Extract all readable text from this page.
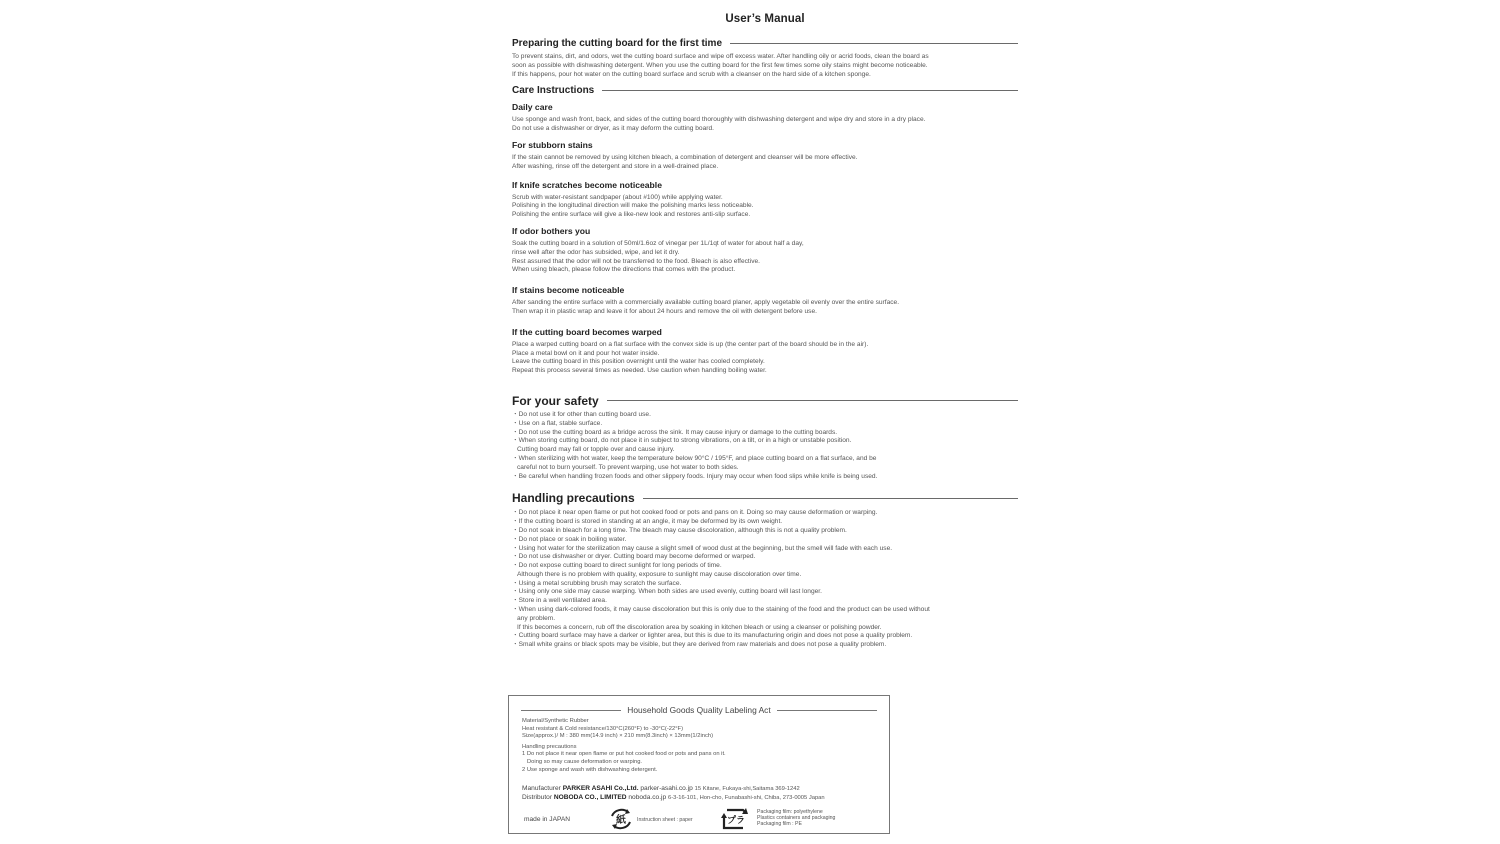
User’s Manual
Preparing the cutting board for the first time
To prevent stains, dirt, and odors, wet the cutting board surface and wipe off excess water. After handling oily or acrid foods, clean the board as
soon as possible with dishwashing detergent. When you use the cutting board for the first few times some oily stains might become noticeable.
If this happens, pour hot water on the cutting board surface and scrub with a cleanser on the hard side of a kitchen sponge.
Care Instructions
Daily care
Use sponge and wash front, back, and sides of the cutting board thoroughly with dishwashing detergent and wipe dry and store in a dry place.
Do not use a dishwasher or dryer, as it may deform the cutting board.
For stubborn stains
If the stain cannot be removed by using kitchen bleach, a combination of detergent and cleanser will be more effective.
After washing, rinse off the detergent and store in a well-drained place.
If knife scratches become noticeable
Scrub with water-resistant sandpaper (about #100) while applying water.
Polishing in the longitudinal direction will make the polishing marks less noticeable.
Polishing the entire surface will give a like-new look and restores anti-slip surface.
If odor bothers you
Soak the cutting board in a solution of 50ml/1.6oz of vinegar per 1L/1qt of water for about half a day,
rinse well after the odor has subsided, wipe, and let it dry.
Rest assured that the odor will not be transferred to the food. Bleach is also effective.
When using bleach, please follow the directions that comes with the product.
If stains become noticeable
After sanding the entire surface with a commercially available cutting board planer, apply vegetable oil evenly over the entire surface.
Then wrap it in plastic wrap and leave it for about 24 hours and remove the oil with detergent before use.
If the cutting board becomes warped
Place a warped cutting board on a flat surface with the convex side is up (the center part of the board should be in the air).
Place a metal bowl on it and pour hot water inside.
Leave the cutting board in this position overnight until the water has cooled completely.
Repeat this process several times as needed. Use caution when handling boiling water.
For your safety
・Do not use it for other than cutting board use.
・Use on a flat, stable surface.
・Do not use the cutting board as a bridge across the sink. It may cause injury or damage to the cutting boards.
・When storing cutting board, do not place it in subject to strong vibrations, on a tilt, or in a high or unstable position.
Cutting board may fall or topple over and cause injury.
・When sterilizing with hot water, keep the temperature below 90°C / 195°F, and place cutting board on a flat surface, and be
careful not to burn yourself. To prevent warping, use hot water to both sides.
・Be careful when handling frozen foods and other slippery foods. Injury may occur when food slips while knife is being used.
Handling precautions
・Do not place it near open flame or put hot cooked food or pots and pans on it. Doing so may cause deformation or warping.
・If the cutting board is stored in standing at an angle, it may be deformed by its own weight.
・Do not soak in bleach for a long time. The bleach may cause discoloration, although this is not a quality problem.
・Do not place or soak in boiling water.
・Using hot water for the sterilization may cause a slight smell of wood dust at the beginning, but the smell will fade with each use.
・Do not use dishwasher or dryer. Cutting board may become deformed or warped.
・Do not expose cutting board to direct sunlight for long periods of time.
Although there is no problem with quality, exposure to sunlight may cause discoloration over time.
・Using a metal scrubbing brush may scratch the surface.
・Using only one side may cause warping. When both sides are used evenly, cutting board will last longer.
・Store in a well ventilated area.
・When using dark-colored foods, it may cause discoloration but this is only due to the staining of the food and the product can be used without
any problem.
If this becomes a concern, rub off the discoloration area by soaking in kitchen bleach or using a cleanser or polishing powder.
・Cutting board surface may have a darker or lighter area, but this is due to its manufacturing origin and does not pose a quality problem.
・Small white grains or black spots may be visible, but they are derived from raw materials and does not pose a quality problem.
Household Goods Quality Labeling Act
Material/Synthetic Rubber
Heat resistant & Cold resistance/130°C(260°F) to -30°C(-22°F)
Size(approx.)/ M : 380 mm(14.9 inch) × 210 mm(8.3inch) × 13mm(1/2inch)
Handling precautions
1 Do not place it near open flame or put hot cooked food or pots and pans on it.
Doing so may cause deformation or warping.
2 Use sponge and wash with dishwashing detergent.
Manufacturer PARKER ASAHI Co.,Ltd. parker-asahi.co.jp 15 Kitane, Fukaya-shi,Saitama 369-1242
Distributor NOBODA CO., LIMITED noboda.co.jp 6-3-16-101, Hon-cho, Funabashi-shi, Chiba, 273-0005 Japan
made in JAPAN	紙 Instruction sheet : paper	プラ
Packaging film: polyethylene
Plastics containers and packaging
Packaging film : PE
